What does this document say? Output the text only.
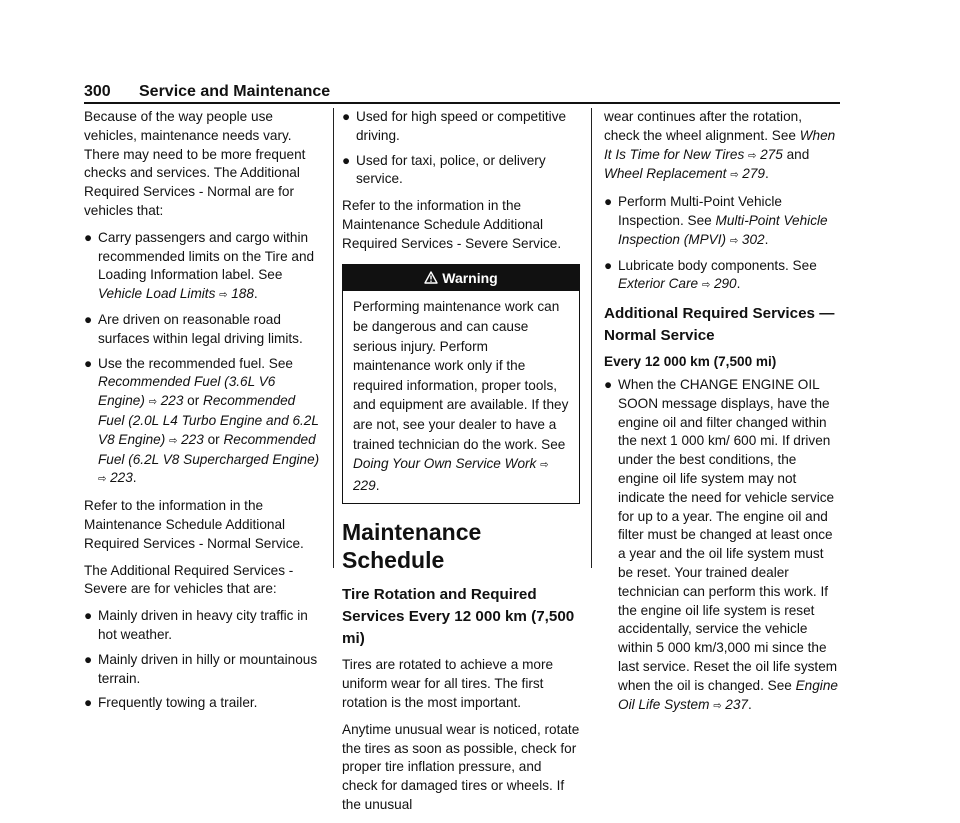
300 Service and Maintenance

Because of the way people use vehicles, maintenance needs vary. There may need to be more frequent checks and services. The Additional Required Services - Normal are for vehicles that:

● Carry passengers and cargo within recommended limits on the Tire and Loading Information label. See Vehicle Load Limits ⇨ 188.
● Are driven on reasonable road surfaces within legal driving limits.
● Use the recommended fuel. See Recommended Fuel (3.6L V6 Engine) ⇨ 223 or Recommended Fuel (2.0L L4 Turbo Engine and 6.2L V8 Engine) ⇨ 223 or Recommended Fuel (6.2L V8 Supercharged Engine) ⇨ 223.

Refer to the information in the Maintenance Schedule Additional Required Services - Normal Service.

The Additional Required Services - Severe are for vehicles that are:

● Mainly driven in heavy city traffic in hot weather.
● Mainly driven in hilly or mountainous terrain.
● Frequently towing a trailer.
● Used for high speed or competitive driving.
● Used for taxi, police, or delivery service.

Refer to the information in the Maintenance Schedule Additional Required Services - Severe Service.

Warning
Performing maintenance work can be dangerous and can cause serious injury. Perform maintenance work only if the required information, proper tools, and equipment are available. If they are not, see your dealer to have a trained technician do the work. See Doing Your Own Service Work ⇨ 229.
Maintenance Schedule
Tire Rotation and Required Services Every 12 000 km (7,500 mi)

Tires are rotated to achieve a more uniform wear for all tires. The first rotation is the most important.

Anytime unusual wear is noticed, rotate the tires as soon as possible, check for proper tire inflation pressure, and check for damaged tires or wheels. If the unusual

wear continues after the rotation, check the wheel alignment. See When It Is Time for New Tires ⇨ 275 and Wheel Replacement ⇨ 279.

● Perform Multi-Point Vehicle Inspection. See Multi-Point Vehicle Inspection (MPVI) ⇨ 302.
● Lubricate body components. See Exterior Care ⇨ 290.
Additional Required Services — Normal Service
Every 12 000 km (7,500 mi)
● When the CHANGE ENGINE OIL SOON message displays, have the engine oil and filter changed within the next 1 000 km/ 600 mi. If driven under the best conditions, the engine oil life system may not indicate the need for vehicle service for up to a year. The engine oil and filter must be changed at least once a year and the oil life system must be reset. Your trained dealer technician can perform this work. If the engine oil life system is reset accidentally, service the vehicle within 5 000 km/3,000 mi since the last service. Reset the oil life system when the oil is changed. See Engine Oil Life System ⇨ 237.
